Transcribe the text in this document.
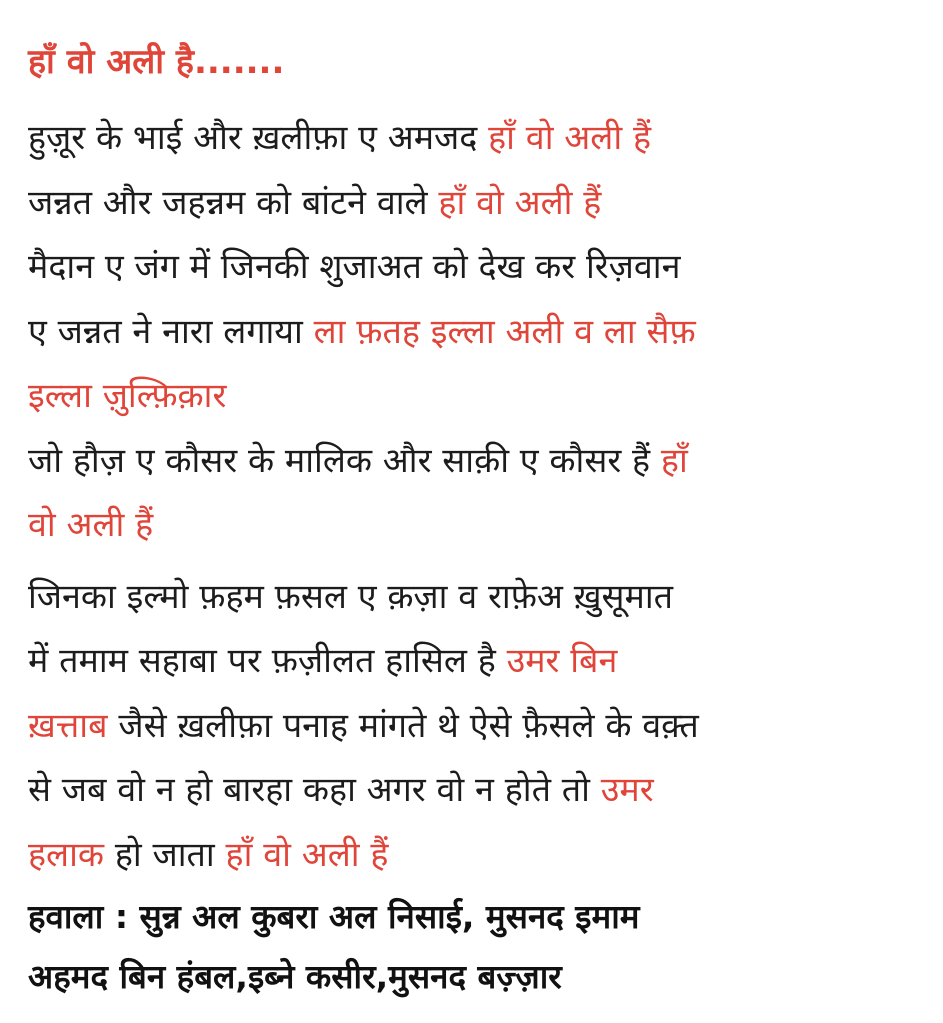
हाँ वो अली है.......
हुज़ूर के भाई और ख़लीफ़ा ए अमजद हाँ वो अली हैं
जन्नत और जहन्नम को बांटने वाले हाँ वो अली हैं
मैदान ए जंग में जिनकी शुजाअत को देख कर रिज़वान
ए जन्नत ने नारा लगाया ला फ़तह इल्ला अली व ला सैफ़
इल्ला ज़ुल्फ़िक़ार
जो हौज़ ए कौसर के मालिक और साक़ी ए कौसर हैं हाँ
वो अली हैं
जिनका इल्मो फ़हम फ़सल ए क़ज़ा व राफ़ेअ ख़ुसूमात
में तमाम सहाबा पर फ़ज़ीलत हासिल है उमर बिन
ख़त्ताब जैसे ख़लीफ़ा पनाह मांगते थे ऐसे फ़ैसले के वक़्त
से जब वो न हो बारहा कहा अगर वो न होते तो उमर
हलाक हो जाता हाँ वो अली हैं
हवाला : सुन्न अल कुबरा अल निसाई, मुसनद इमाम
अहमद बिन हंबल,इब्ने कसीर,मुसनद बज़्ज़ार
